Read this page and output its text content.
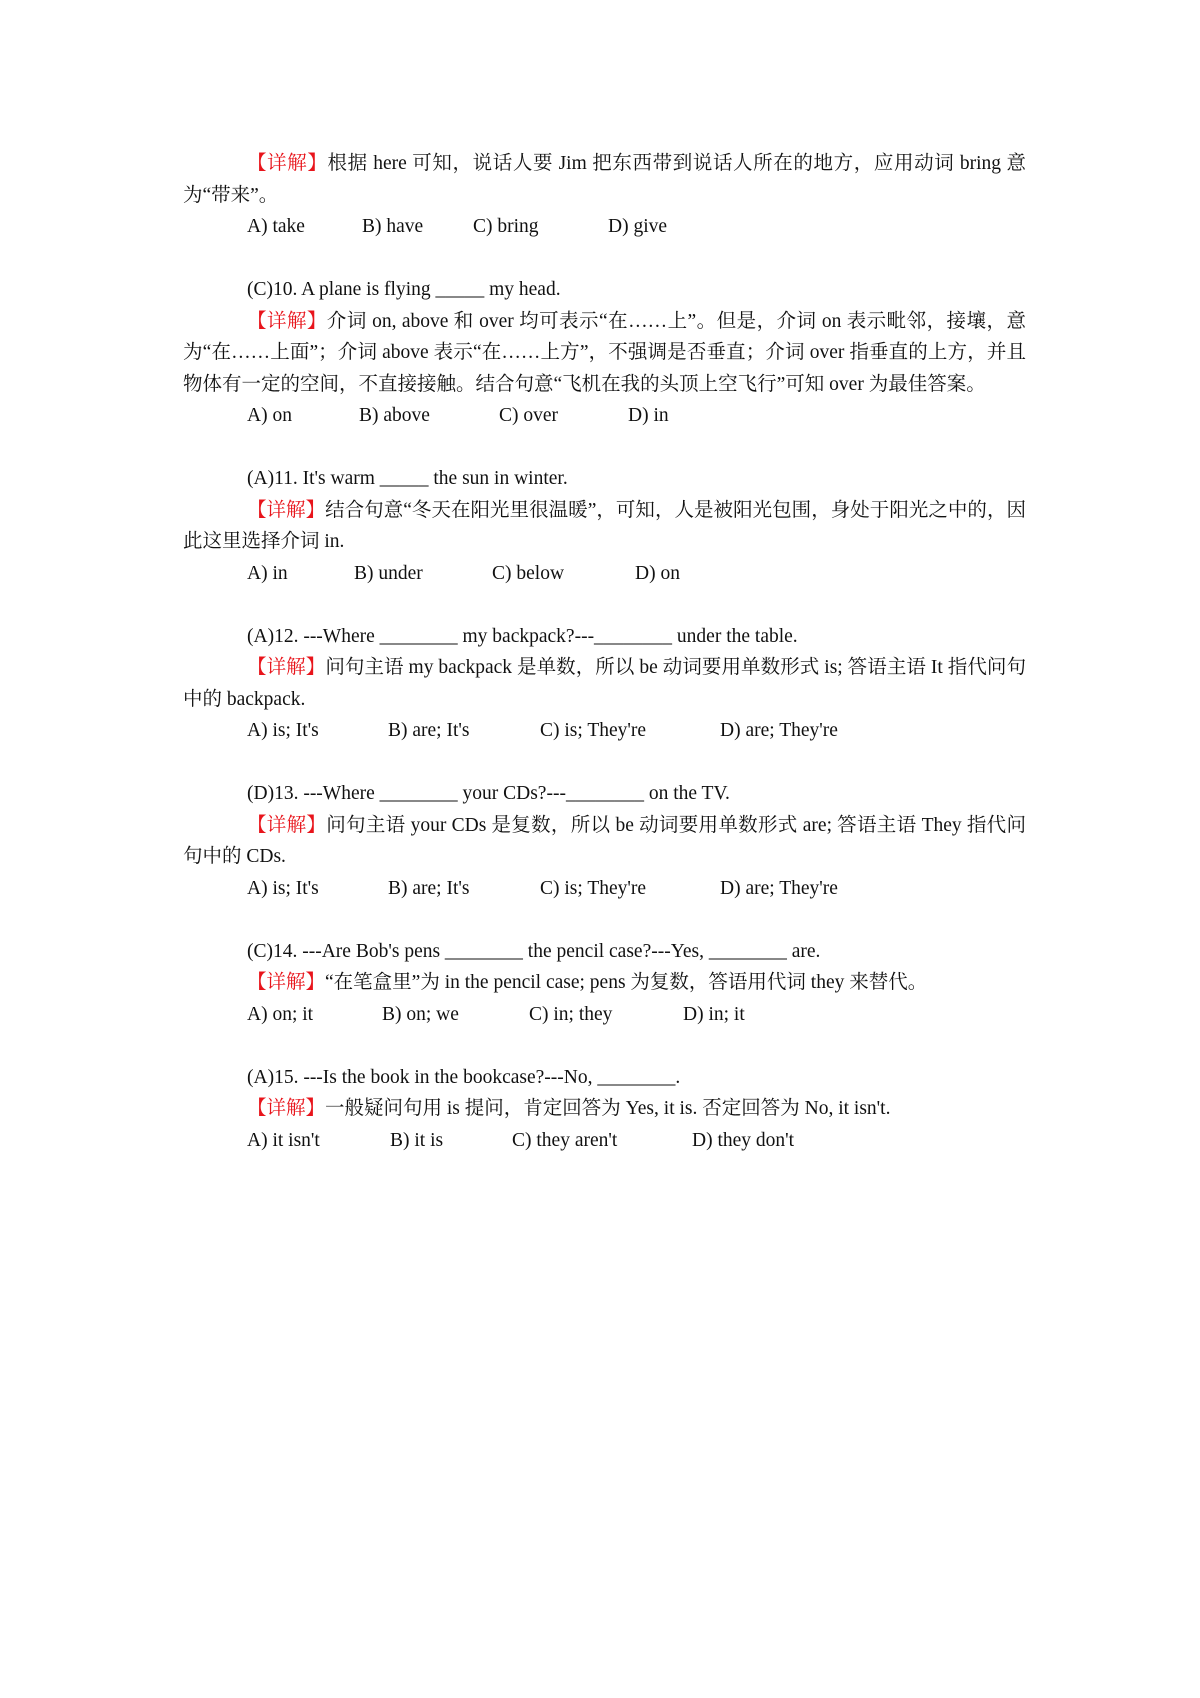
【详解】根据 here 可知，说话人要 Jim 把东西带到说话人所在的地方，应用动词 bring 意为“带来”。

A) take	B) have	C) bring	D) give

(C)10. A plane is flying _____ my head.

【详解】介词 on, above 和 over 均可表示“在……上”。但是，介词 on 表示毗邻，接壤，意为“在……上面”；介词 above 表示“在……上方”，不强调是否垂直；介词 over 指垂直的上方，并且物体有一定的空间，不直接接触。结合句意“飞机在我的头顶上空飞行”可知 over 为最佳答案。

A) on	B) above	C) over	D) in

(A)11. It's warm _____ the sun in winter.

【详解】结合句意“冬天在阳光里很温暖”，可知，人是被阳光包围，身处于阳光之中的，因此这里选择介词 in.

A) in	B) under	C) below	D) on

(A)12. ---Where ________ my backpack?---________ under the table.

【详解】问句主语 my backpack 是单数，所以 be 动词要用单数形式 is; 答语主语 It 指代问句中的 backpack.

A) is; It's	B) are; It's	C) is; They're	D) are; They're

(D)13. ---Where ________ your CDs?---________ on the TV.

【详解】问句主语 your CDs 是复数，所以 be 动词要用单数形式 are; 答语主语 They 指代问句中的 CDs.

A) is; It's	B) are; It's	C) is; They're	D) are; They're

(C)14. ---Are Bob's pens ________ the pencil case?---Yes, ________ are.

【详解】“在笔盒里”为 in the pencil case; pens 为复数，答语用代词 they 来替代。

A) on; it	B) on; we	C) in; they	D) in; it

(A)15. ---Is the book in the bookcase?---No, ________.

【详解】一般疑问句用 is 提问，肯定回答为 Yes, it is. 否定回答为 No, it isn't.

A) it isn't	B) it is	C) they aren't	D) they don't
